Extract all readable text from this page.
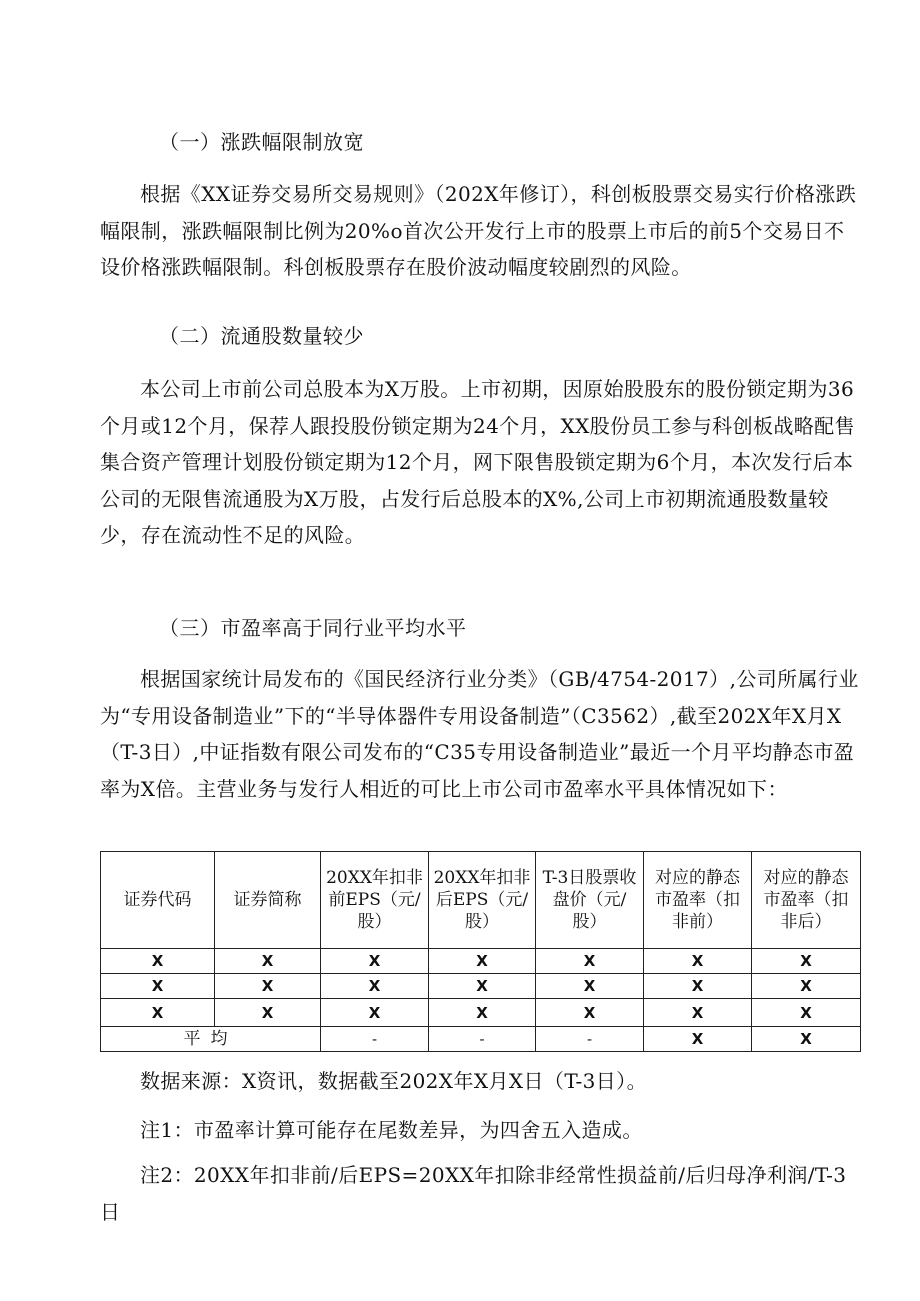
（一）涨跌幅限制放宽

根据《XX证券交易所交易规则》（202X年修订），科创板股票交易实行价格涨跌幅限制，涨跌幅限制比例为20%o首次公开发行上市的股票上市后的前5个交易日不设价格涨跌幅限制。科创板股票存在股价波动幅度较剧烈的风险。

（二）流通股数量较少

本公司上市前公司总股本为X万股。上市初期，因原始股股东的股份锁定期为36个月或12个月，保荐人跟投股份锁定期为24个月，XX股份员工参与科创板战略配售集合资产管理计划股份锁定期为12个月，网下限售股锁定期为6个月，本次发行后本公司的无限售流通股为X万股，占发行后总股本的X%,公司上市初期流通股数量较少，存在流动性不足的风险。

（三）市盈率高于同行业平均水平

根据国家统计局发布的《国民经济行业分类》（GB/4754-2017）,公司所属行业为“专用设备制造业”下的“半导体器件专用设备制造”（C3562）,截至202X年X月X（T-3日）,中证指数有限公司发布的“C35专用设备制造业”最近一个月平均静态市盈率为X倍。主营业务与发行人相近的可比上市公司市盈率水平具体情况如下：

证券代码	证券简称	20XX年扣非前EPS（元/股）	20XX年扣非后EPS（元/股）	T-3日股票收盘价（元/股）	对应的静态市盈率（扣非前）	对应的静态市盈率（扣非后）
X	X	X	X	X	X	X
X	X	X	X	X	X	X
X	X	X	X	X	X	X
平均		-	-	-	X	X

数据来源：X资讯，数据截至202X年X月X日（T-3日）。

注1：市盈率计算可能存在尾数差异，为四舍五入造成。

注2：20XX年扣非前/后EPS=20XX年扣除非经常性损益前/后归母净利润/T-3日
